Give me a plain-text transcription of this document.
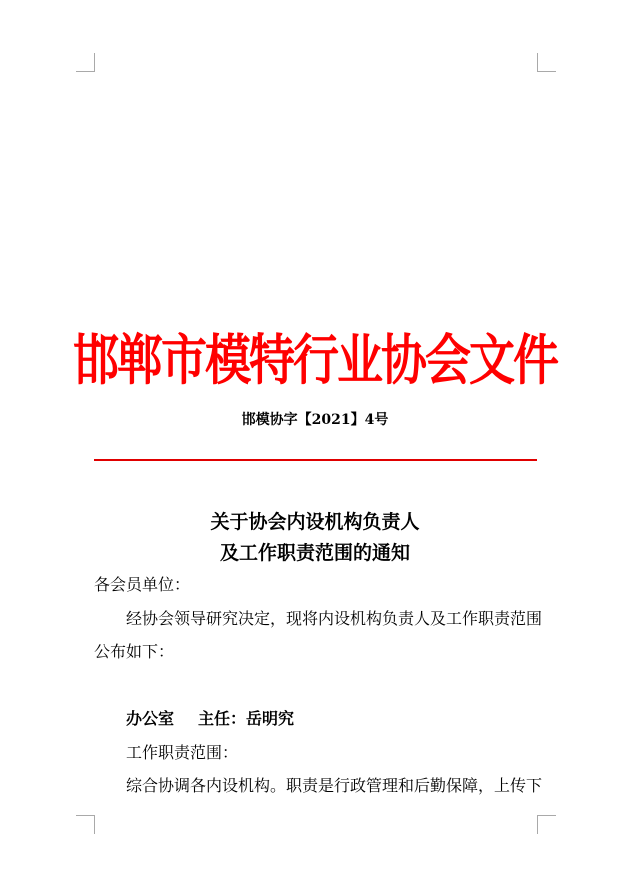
邯郸市模特行业协会文件
邯模协字【2021】4号
关于协会内设机构负责人
及工作职责范围的通知
各会员单位：
经协会领导研究决定，现将内设机构负责人及工作职责范围
公布如下：
办公室 主任：岳明究
工作职责范围：
综合协调各内设机构。职责是行政管理和后勤保障，上传下
